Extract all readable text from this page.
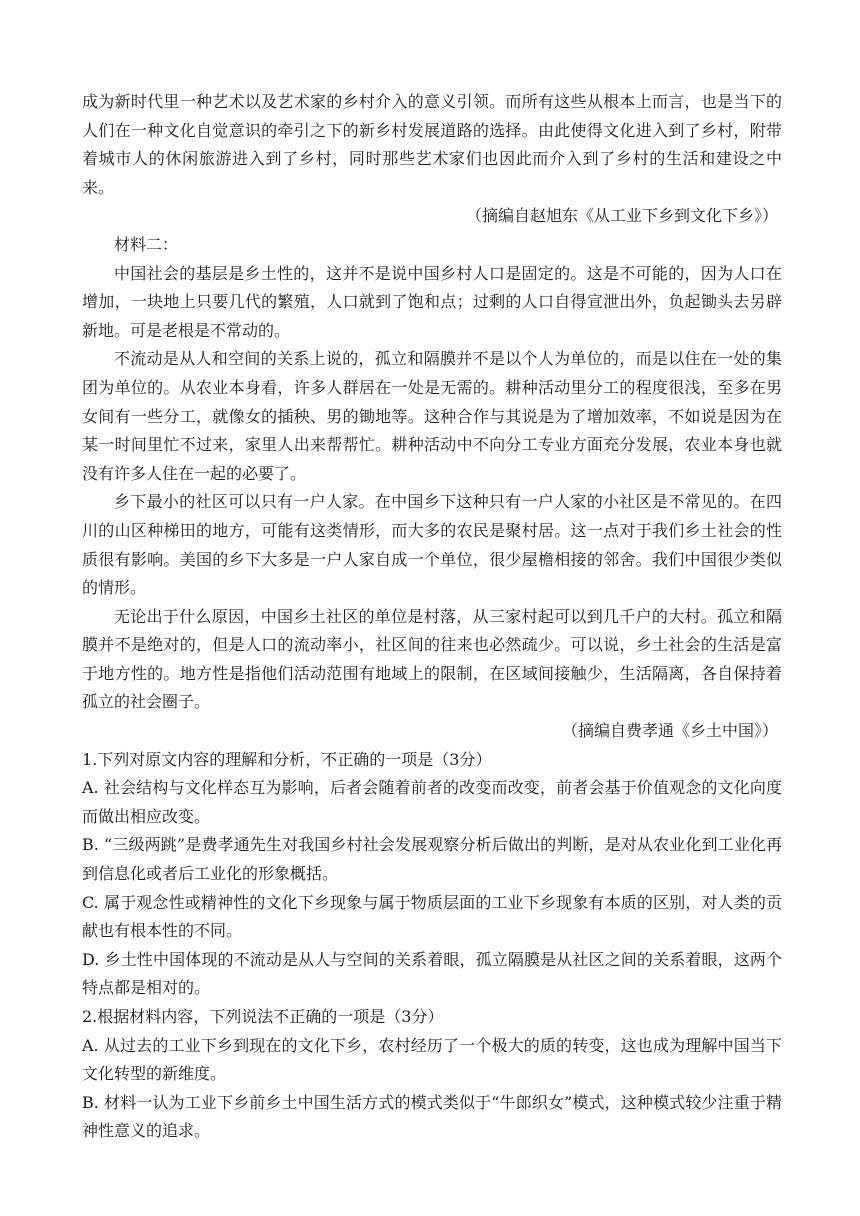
成为新时代里一种艺术以及艺术家的乡村介入的意义引领。而所有这些从根本上而言，也是当下的人们在一种文化自觉意识的牵引之下的新乡村发展道路的选择。由此使得文化进入到了乡村，附带着城市人的休闲旅游进入到了乡村，同时那些艺术家们也因此而介入到了乡村的生活和建设之中来。

（摘编自赵旭东《从工业下乡到文化下乡》）

材料二：

中国社会的基层是乡土性的，这并不是说中国乡村人口是固定的。这是不可能的，因为人口在增加，一块地上只要几代的繁殖，人口就到了饱和点；过剩的人口自得宣泄出外，负起锄头去另辟新地。可是老根是不常动的。

不流动是从人和空间的关系上说的，孤立和隔膜并不是以个人为单位的，而是以住在一处的集团为单位的。从农业本身看，许多人群居在一处是无需的。耕种活动里分工的程度很浅，至多在男女间有一些分工，就像女的插秧、男的锄地等。这种合作与其说是为了增加效率，不如说是因为在某一时间里忙不过来，家里人出来帮帮忙。耕种活动中不向分工专业方面充分发展，农业本身也就没有许多人住在一起的必要了。

乡下最小的社区可以只有一户人家。在中国乡下这种只有一户人家的小社区是不常见的。在四川的山区种梯田的地方，可能有这类情形，而大多的农民是聚村居。这一点对于我们乡土社会的性质很有影响。美国的乡下大多是一户人家自成一个单位，很少屋檐相接的邻舍。我们中国很少类似的情形。

无论出于什么原因，中国乡土社区的单位是村落，从三家村起可以到几千户的大村。孤立和隔膜并不是绝对的，但是人口的流动率小，社区间的往来也必然疏少。可以说，乡土社会的生活是富于地方性的。地方性是指他们活动范围有地域上的限制，在区域间接触少，生活隔离，各自保持着孤立的社会圈子。

（摘编自费孝通《乡土中国》）

1.下列对原文内容的理解和分析，不正确的一项是（3分）

A. 社会结构与文化样态互为影响，后者会随着前者的改变而改变，前者会基于价值观念的文化向度而做出相应改变。

B. “三级两跳”是费孝通先生对我国乡村社会发展观察分析后做出的判断，是对从农业化到工业化再到信息化或者后工业化的形象概括。

C. 属于观念性或精神性的文化下乡现象与属于物质层面的工业下乡现象有本质的区别，对人类的贡献也有根本性的不同。

D. 乡土性中国体现的不流动是从人与空间的关系着眼，孤立隔膜是从社区之间的关系着眼，这两个特点都是相对的。

2.根据材料内容，下列说法不正确的一项是（3分）

A. 从过去的工业下乡到现在的文化下乡，农村经历了一个极大的质的转变，这也成为理解中国当下文化转型的新维度。

B. 材料一认为工业下乡前乡土中国生活方式的模式类似于“牛郎织女”模式，这种模式较少注重于精神性意义的追求。
